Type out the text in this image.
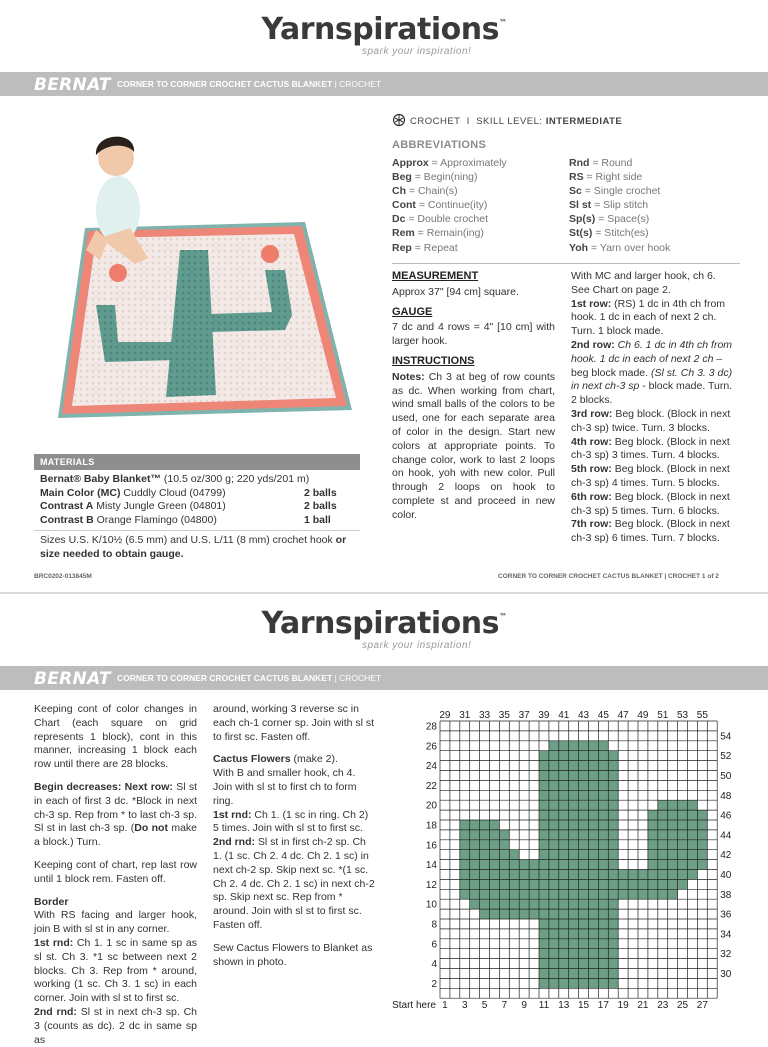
Yarnspirations™
spark your inspiration!
BERNAT CORNER TO CORNER CROCHET CACTUS BLANKET | CROCHET
CROCHET I SKILL LEVEL: INTERMEDIATE
ABBREVIATIONS
Approx = Approximately
Beg = Begin(ning)
Ch = Chain(s)
Cont = Continue(ity)
Dc = Double crochet
Rem = Remain(ing)
Rep = Repeat
Rnd = Round
RS = Right side
Sc = Single crochet
Sl st = Slip stitch
Sp(s) = Space(s)
St(s) = Stitch(es)
Yoh = Yarn over hook
MEASUREMENT
Approx 37" [94 cm] square.
GAUGE
7 dc and 4 rows = 4" [10 cm] with larger hook.
INSTRUCTIONS
Notes: Ch 3 at beg of row counts as dc. When working from chart, wind small balls of the colors to be used, one for each separate area of color in the design. Start new colors at appropriate points. To change color, work to last 2 loops on hook, yoh with new color. Pull through 2 loops on hook to complete st and proceed in new color.
With MC and larger hook, ch 6. See Chart on page 2.
1st row: (RS) 1 dc in 4th ch from hook. 1 dc in each of next 2 ch. Turn. 1 block made.
2nd row: Ch 6. 1 dc in 4th ch from hook. 1 dc in each of next 2 ch – beg block made. (Sl st. Ch 3. 3 dc) in next ch-3 sp - block made. Turn. 2 blocks.
3rd row: Beg block. (Block in next ch-3 sp) twice. Turn. 3 blocks.
4th row: Beg block. (Block in next ch-3 sp) 3 times. Turn. 4 blocks.
5th row: Beg block. (Block in next ch-3 sp) 4 times. Turn. 5 blocks.
6th row: Beg block. (Block in next ch-3 sp) 5 times. Turn. 6 blocks.
7th row: Beg block. (Block in next ch-3 sp) 6 times. Turn. 7 blocks.
MATERIALS
Bernat® Baby Blanket™ (10.5 oz/300 g; 220 yds/201 m)
Main Color (MC) Cuddly Cloud (04799)	2 balls
Contrast A Misty Jungle Green (04801)	2 balls
Contrast B Orange Flamingo (04800)	1 ball
Sizes U.S. K/10½ (6.5 mm) and U.S. L/11 (8 mm) crochet hook or size needed to obtain gauge.
BRC0202-013845M	CORNER TO CORNER CROCHET CACTUS BLANKET | CROCHET 1 of 2
Yarnspirations™
spark your inspiration!
BERNAT CORNER TO CORNER CROCHET CACTUS BLANKET | CROCHET
Keeping cont of color changes in Chart (each square on grid represents 1 block), cont in this manner, increasing 1 block each row until there are 28 blocks.
Begin decreases: Next row: Sl st in each of first 3 dc. *Block in next ch-3 sp. Rep from * to last ch-3 sp. Sl st in last ch-3 sp. (Do not make a block.) Turn.
Keeping cont of chart, rep last row until 1 block rem. Fasten off.
Border
With RS facing and larger hook, join B with sl st in any corner.
1st rnd: Ch 1. 1 sc in same sp as sl st. Ch 3. *1 sc between next 2 blocks. Ch 3. Rep from * around, working (1 sc. Ch 3. 1 sc) in each corner. Join with sl st to first sc.
2nd rnd: Sl st in next ch-3 sp. Ch 3 (counts as dc). 2 dc in same sp as
around, working 3 reverse sc in each ch-1 corner sp. Join with sl st to first sc. Fasten off.
Cactus Flowers (make 2).
With B and smaller hook, ch 4. Join with sl st to first ch to form ring.
1st rnd: Ch 1. (1 sc in ring. Ch 2) 5 times. Join with sl st to first sc.
2nd rnd: Sl st in first ch-2 sp. Ch 1. (1 sc. Ch 2. 4 dc. Ch 2. 1 sc) in next ch-2 sp. Skip next sc. *(1 sc. Ch 2. 4 dc. Ch 2. 1 sc) in next ch-2 sp. Skip next sc. Rep from * around. Join with sl st to first sc. Fasten off.
Sew Cactus Flowers to Blanket as shown in photo.
29 31 33 35 37 39 41 43 45 47 49 51 53 55
1 3 5 7 9 11 13 15 17 19 21 23 25 27
28
26
24
22
20
18
16
14
12
10
8
6
4
2
54
52
50
48
46
44
42
40
38
36
34
32
30
Start here
